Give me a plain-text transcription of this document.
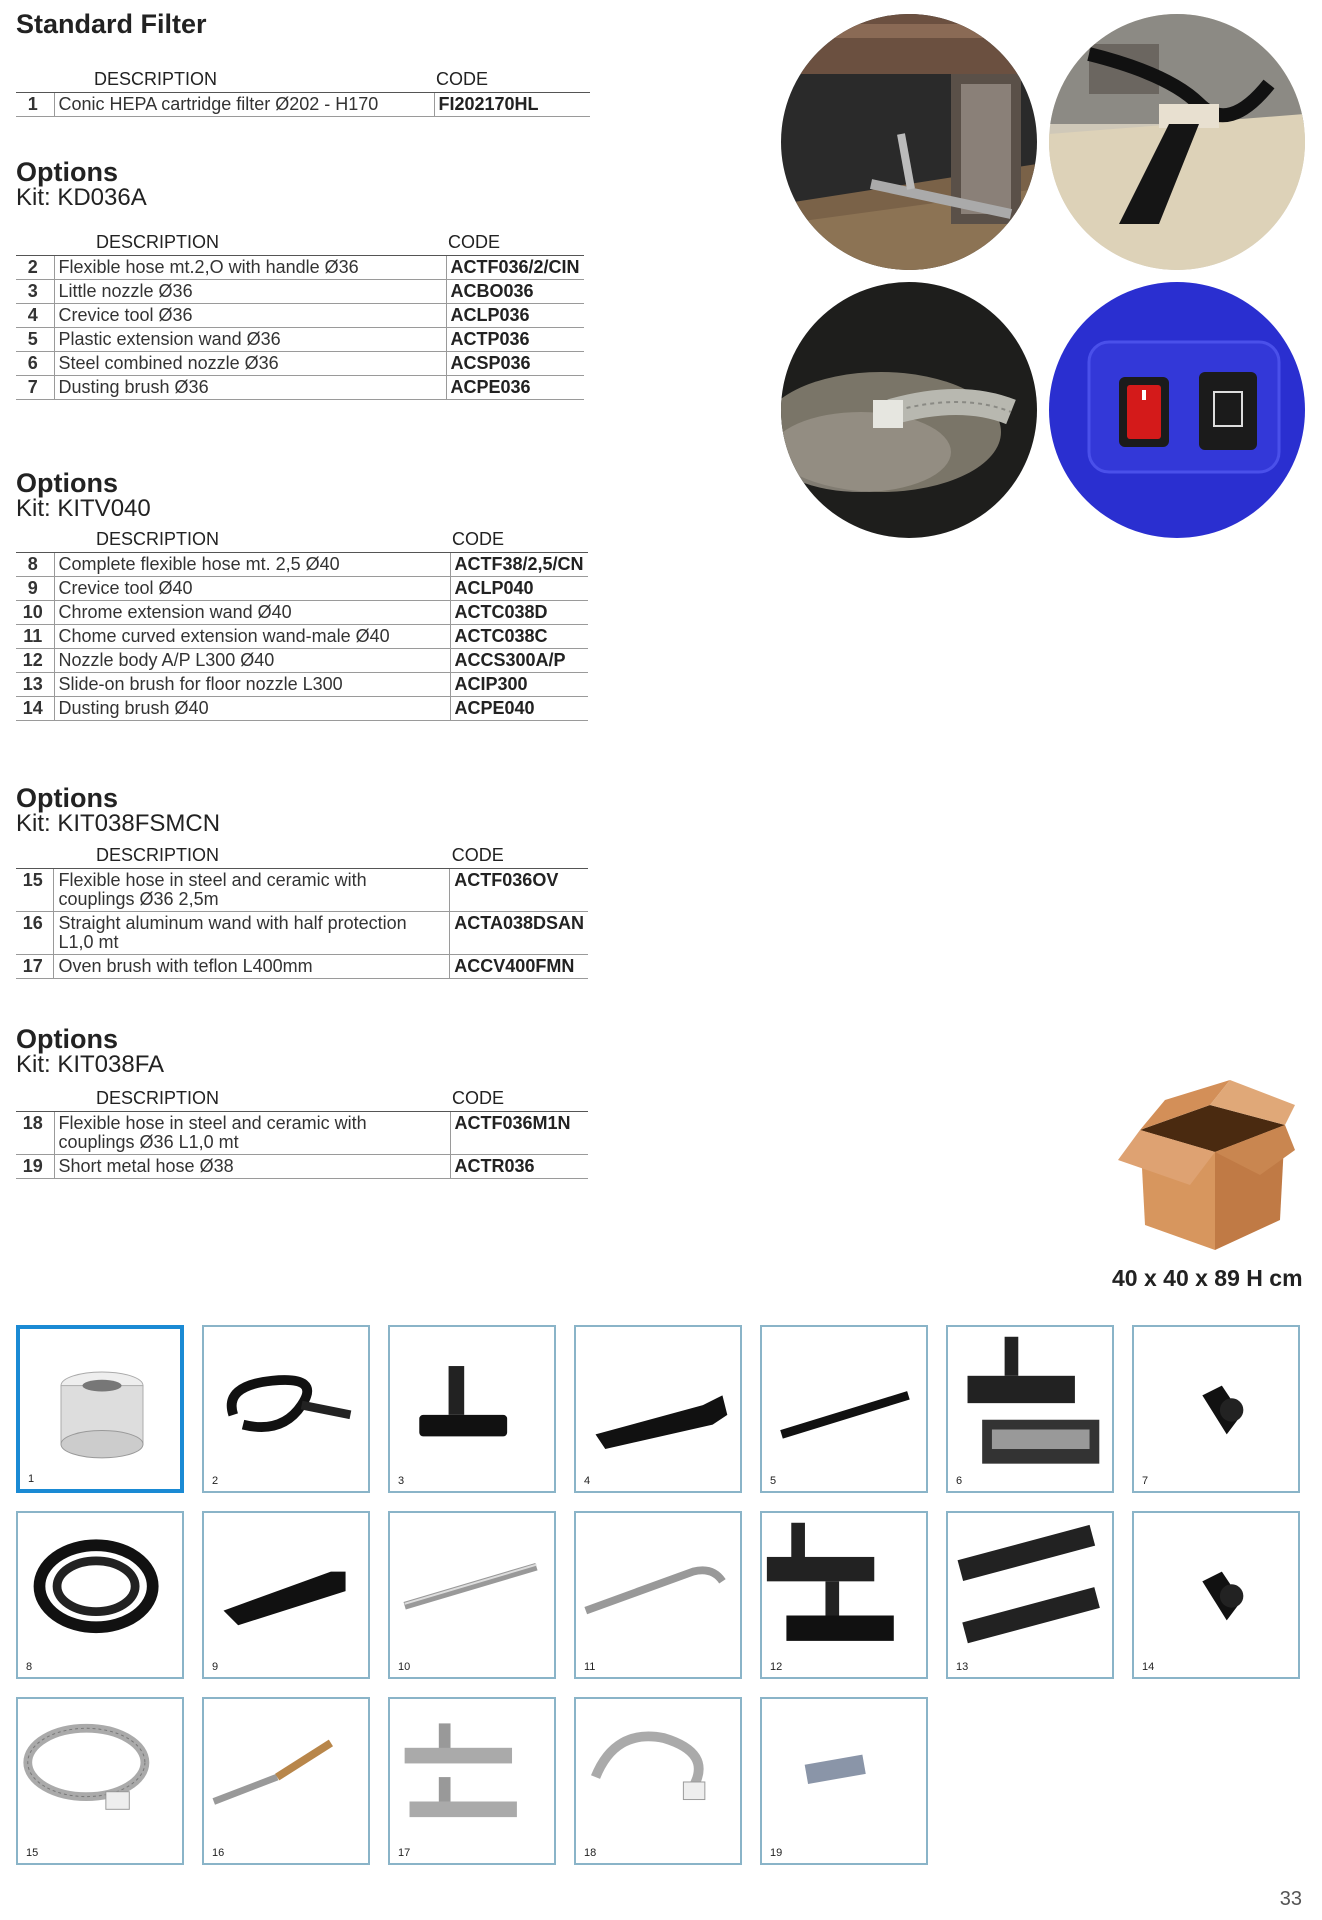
Standard Filter
	DESCRIPTION	CODE
1	Conic HEPA cartridge filter Ø202 - H170	FI202170HL
Options
Kit: KD036A
	DESCRIPTION	CODE
2	Flexible hose mt.2,O with handle Ø36	ACTF036/2/CIN
3	Little nozzle Ø36	ACBO036
4	Crevice tool Ø36	ACLP036
5	Plastic extension wand Ø36	ACTP036
6	Steel combined nozzle Ø36	ACSP036
7	Dusting brush Ø36	ACPE036
Options
Kit: KITV040
	DESCRIPTION	CODE
8	Complete flexible hose mt. 2,5 Ø40	ACTF38/2,5/CN
9	Crevice tool Ø40	ACLP040
10	Chrome extension wand Ø40	ACTC038D
11	Chome curved extension wand-male Ø40	ACTC038C
12	Nozzle body A/P L300 Ø40	ACCS300A/P
13	Slide-on brush for floor nozzle L300	ACIP300
14	Dusting brush Ø40	ACPE040
Options
Kit: KIT038FSMCN
	DESCRIPTION	CODE
15	Flexible hose in steel and ceramic with couplings Ø36 2,5m	ACTF036OV
16	Straight aluminum wand with half protection L1,0 mt	ACTA038DSAN
17	Oven brush with teflon L400mm	ACCV400FMN
Options
Kit: KIT038FA
	DESCRIPTION	CODE
18	Flexible hose in steel and ceramic with couplings Ø36 L1,0 mt	ACTF036M1N
19	Short metal hose Ø38	ACTR036
40 x 40 x 89 H cm
1	2	3	4	5	6	7
8	9	10	11	12	13	14
15	16	17	18	19
33
